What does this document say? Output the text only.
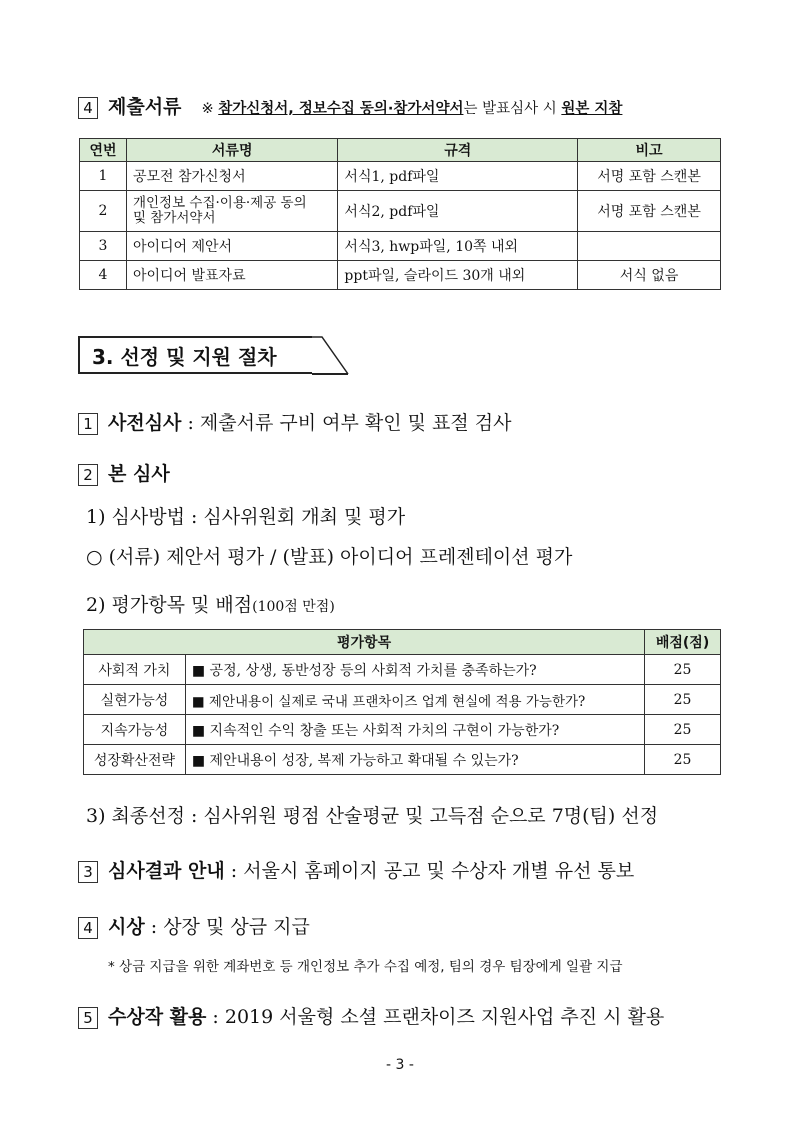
4 제출서류 ※ 참가신청서, 정보수집 동의·참가서약서는 발표심사 시 원본 지참
연번	서류명	규격	비고
1	공모전 참가신청서	서식1, pdf파일	서명 포함 스캔본
2	개인정보 수집·이용·제공 동의
및 참가서약서	서식2, pdf파일	서명 포함 스캔본
3	아이디어 제안서	서식3, hwp파일, 10쪽 내외	
4	아이디어 발표자료	ppt파일, 슬라이드 30개 내외	서식 없음
3. 선정 및 지원 절차
1 사전심사 : 제출서류 구비 여부 확인 및 표절 검사
2 본 심사
1) 심사방법 : 심사위원회 개최 및 평가
○ (서류) 제안서 평가 / (발표) 아이디어 프레젠테이션 평가
2) 평가항목 및 배점(100점 만점)
평가항목		배점(점)
사회적 가치	■ 공정, 상생, 동반성장 등의 사회적 가치를 충족하는가?	25
실현가능성	■ 제안내용이 실제로 국내 프랜차이즈 업계 현실에 적용 가능한가?	25
지속가능성	■ 지속적인 수익 창출 또는 사회적 가치의 구현이 가능한가?	25
성장확산전략	■ 제안내용이 성장, 복제 가능하고 확대될 수 있는가?	25
3) 최종선정 : 심사위원 평점 산술평균 및 고득점 순으로 7명(팀) 선정
3 심사결과 안내 : 서울시 홈페이지 공고 및 수상자 개별 유선 통보
4 시상 : 상장 및 상금 지급
* 상금 지급을 위한 계좌번호 등 개인정보 추가 수집 예정, 팀의 경우 팀장에게 일괄 지급
5 수상작 활용 : 2019 서울형 소셜 프랜차이즈 지원사업 추진 시 활용
- 3 -
